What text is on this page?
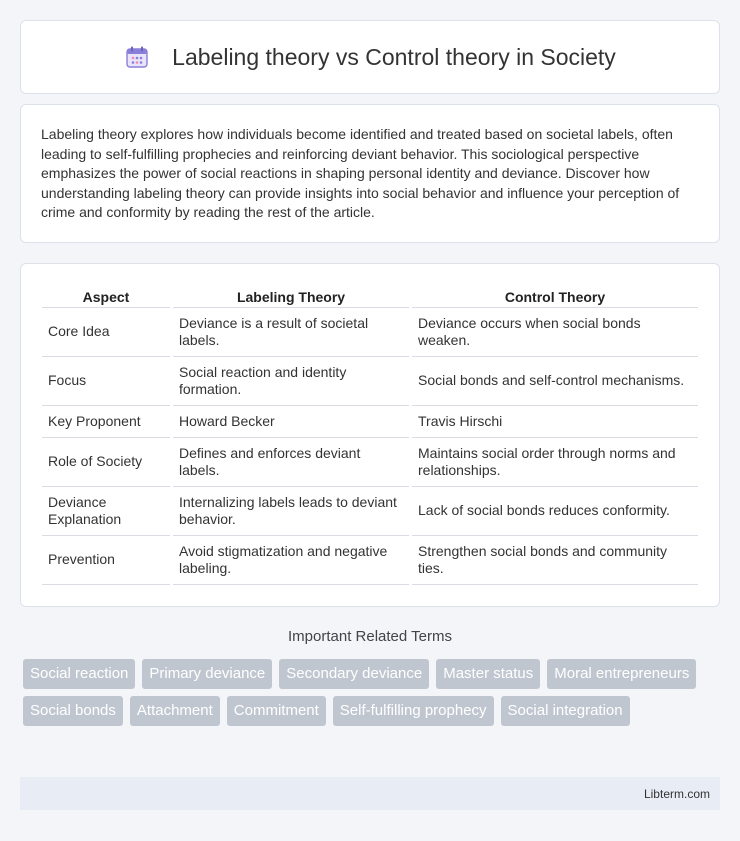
Labeling theory vs Control theory in Society

Labeling theory explores how individuals become identified and treated based on societal labels, often leading to self-fulfilling prophecies and reinforcing deviant behavior. This sociological perspective emphasizes the power of social reactions in shaping personal identity and deviance. Discover how understanding labeling theory can provide insights into social behavior and influence your perception of crime and conformity by reading the rest of the article.

Aspect	Labeling Theory	Control Theory
Core Idea	Deviance is a result of societal labels.	Deviance occurs when social bonds weaken.
Focus	Social reaction and identity formation.	Social bonds and self-control mechanisms.
Key Proponent	Howard Becker	Travis Hirschi
Role of Society	Defines and enforces deviant labels.	Maintains social order through norms and relationships.
Deviance Explanation	Internalizing labels leads to deviant behavior.	Lack of social bonds reduces conformity.
Prevention	Avoid stigmatization and negative labeling.	Strengthen social bonds and community ties.
Important Related Terms
Social reaction	Primary deviance	Secondary deviance	Master status	Moral entrepreneurs
Social bonds	Attachment	Commitment	Self-fulfilling prophecy	Social integration
Libterm.com
